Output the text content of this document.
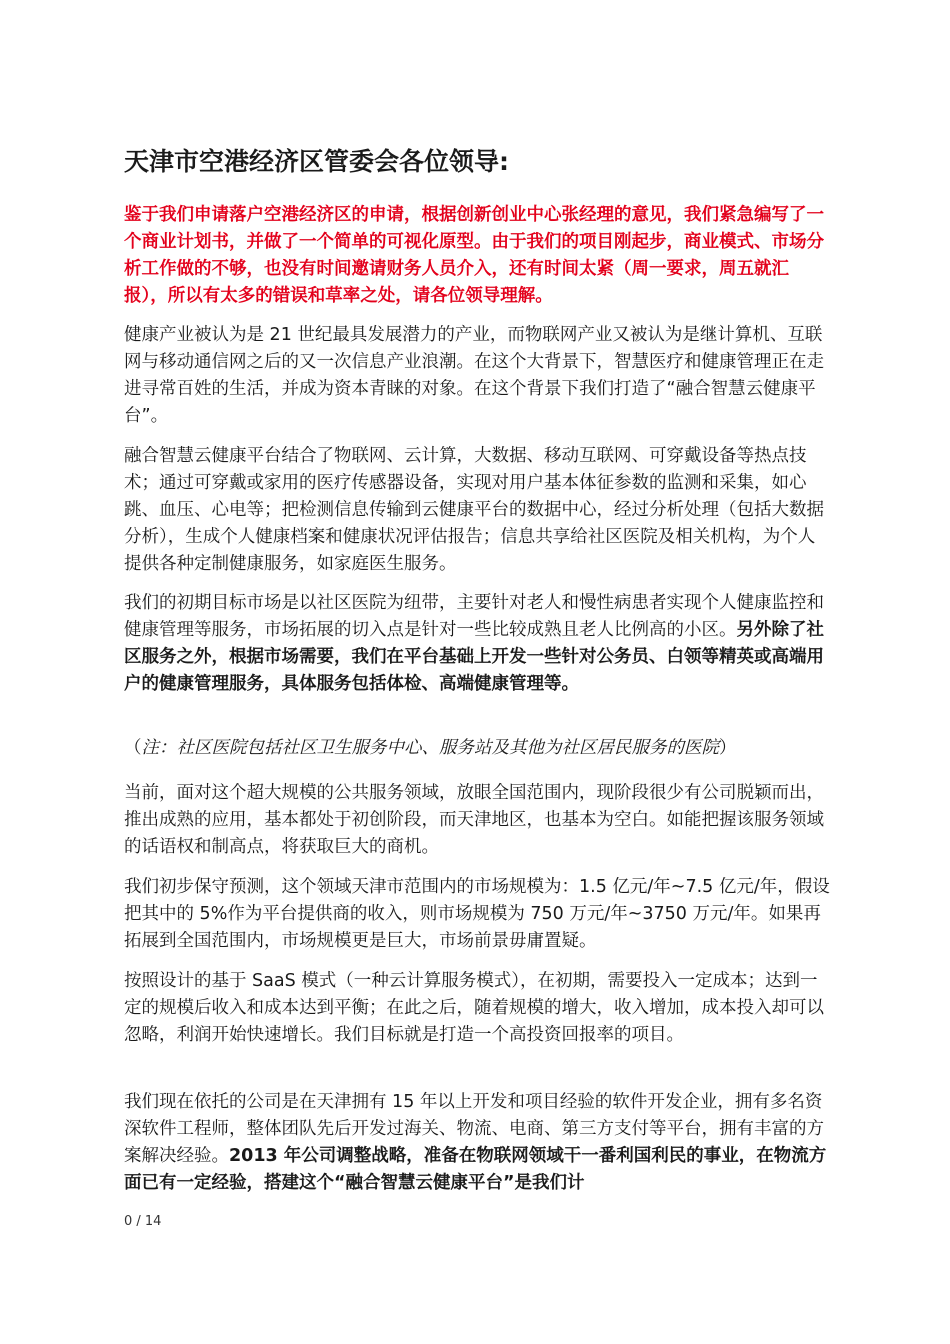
天津市空港经济区管委会各位领导:

鉴于我们申请落户空港经济区的申请，根据创新创业中心张经理的意见，我们紧急编写了一个商业计划书，并做了一个简单的可视化原型。由于我们的项目刚起步，商业模式、市场分析工作做的不够，也没有时间邀请财务人员介入，还有时间太紧（周一要求，周五就汇报），所以有太多的错误和草率之处，请各位领导理解。

健康产业被认为是 21 世纪最具发展潜力的产业，而物联网产业又被认为是继计算机、互联网与移动通信网之后的又一次信息产业浪潮。在这个大背景下，智慧医疗和健康管理正在走进寻常百姓的生活，并成为资本青睐的对象。在这个背景下我们打造了“融合智慧云健康平台”。

融合智慧云健康平台结合了物联网、云计算，大数据、移动互联网、可穿戴设备等热点技术；通过可穿戴或家用的医疗传感器设备，实现对用户基本体征参数的监测和采集，如心跳、血压、心电等；把检测信息传输到云健康平台的数据中心，经过分析处理（包括大数据分析），生成个人健康档案和健康状况评估报告；信息共享给社区医院及相关机构，为个人提供各种定制健康服务，如家庭医生服务。

我们的初期目标市场是以社区医院为纽带，主要针对老人和慢性病患者实现个人健康监控和健康管理等服务，市场拓展的切入点是针对一些比较成熟且老人比例高的小区。另外除了社区服务之外，根据市场需要，我们在平台基础上开发一些针对公务员、白领等精英或高端用户的健康管理服务，具体服务包括体检、高端健康管理等。

（注：社区医院包括社区卫生服务中心、服务站及其他为社区居民服务的医院）

当前，面对这个超大规模的公共服务领域，放眼全国范围内，现阶段很少有公司脱颖而出，推出成熟的应用，基本都处于初创阶段，而天津地区，也基本为空白。如能把握该服务领域的话语权和制高点，将获取巨大的商机。

我们初步保守预测，这个领域天津市范围内的市场规模为：1.5 亿元/年~7.5 亿元/年，假设把其中的 5%作为平台提供商的收入，则市场规模为 750 万元/年~3750 万元/年。如果再拓展到全国范围内，市场规模更是巨大，市场前景毋庸置疑。

按照设计的基于 SaaS 模式（一种云计算服务模式），在初期，需要投入一定成本；达到一定的规模后收入和成本达到平衡；在此之后，随着规模的增大，收入增加，成本投入却可以忽略，利润开始快速增长。我们目标就是打造一个高投资回报率的项目。

我们现在依托的公司是在天津拥有 15 年以上开发和项目经验的软件开发企业，拥有多名资深软件工程师，整体团队先后开发过海关、物流、电商、第三方支付等平台，拥有丰富的方案解决经验。2013 年公司调整战略，准备在物联网领域干一番利国利民的事业，在物流方面已有一定经验，搭建这个“融合智慧云健康平台”是我们计

0 / 14
